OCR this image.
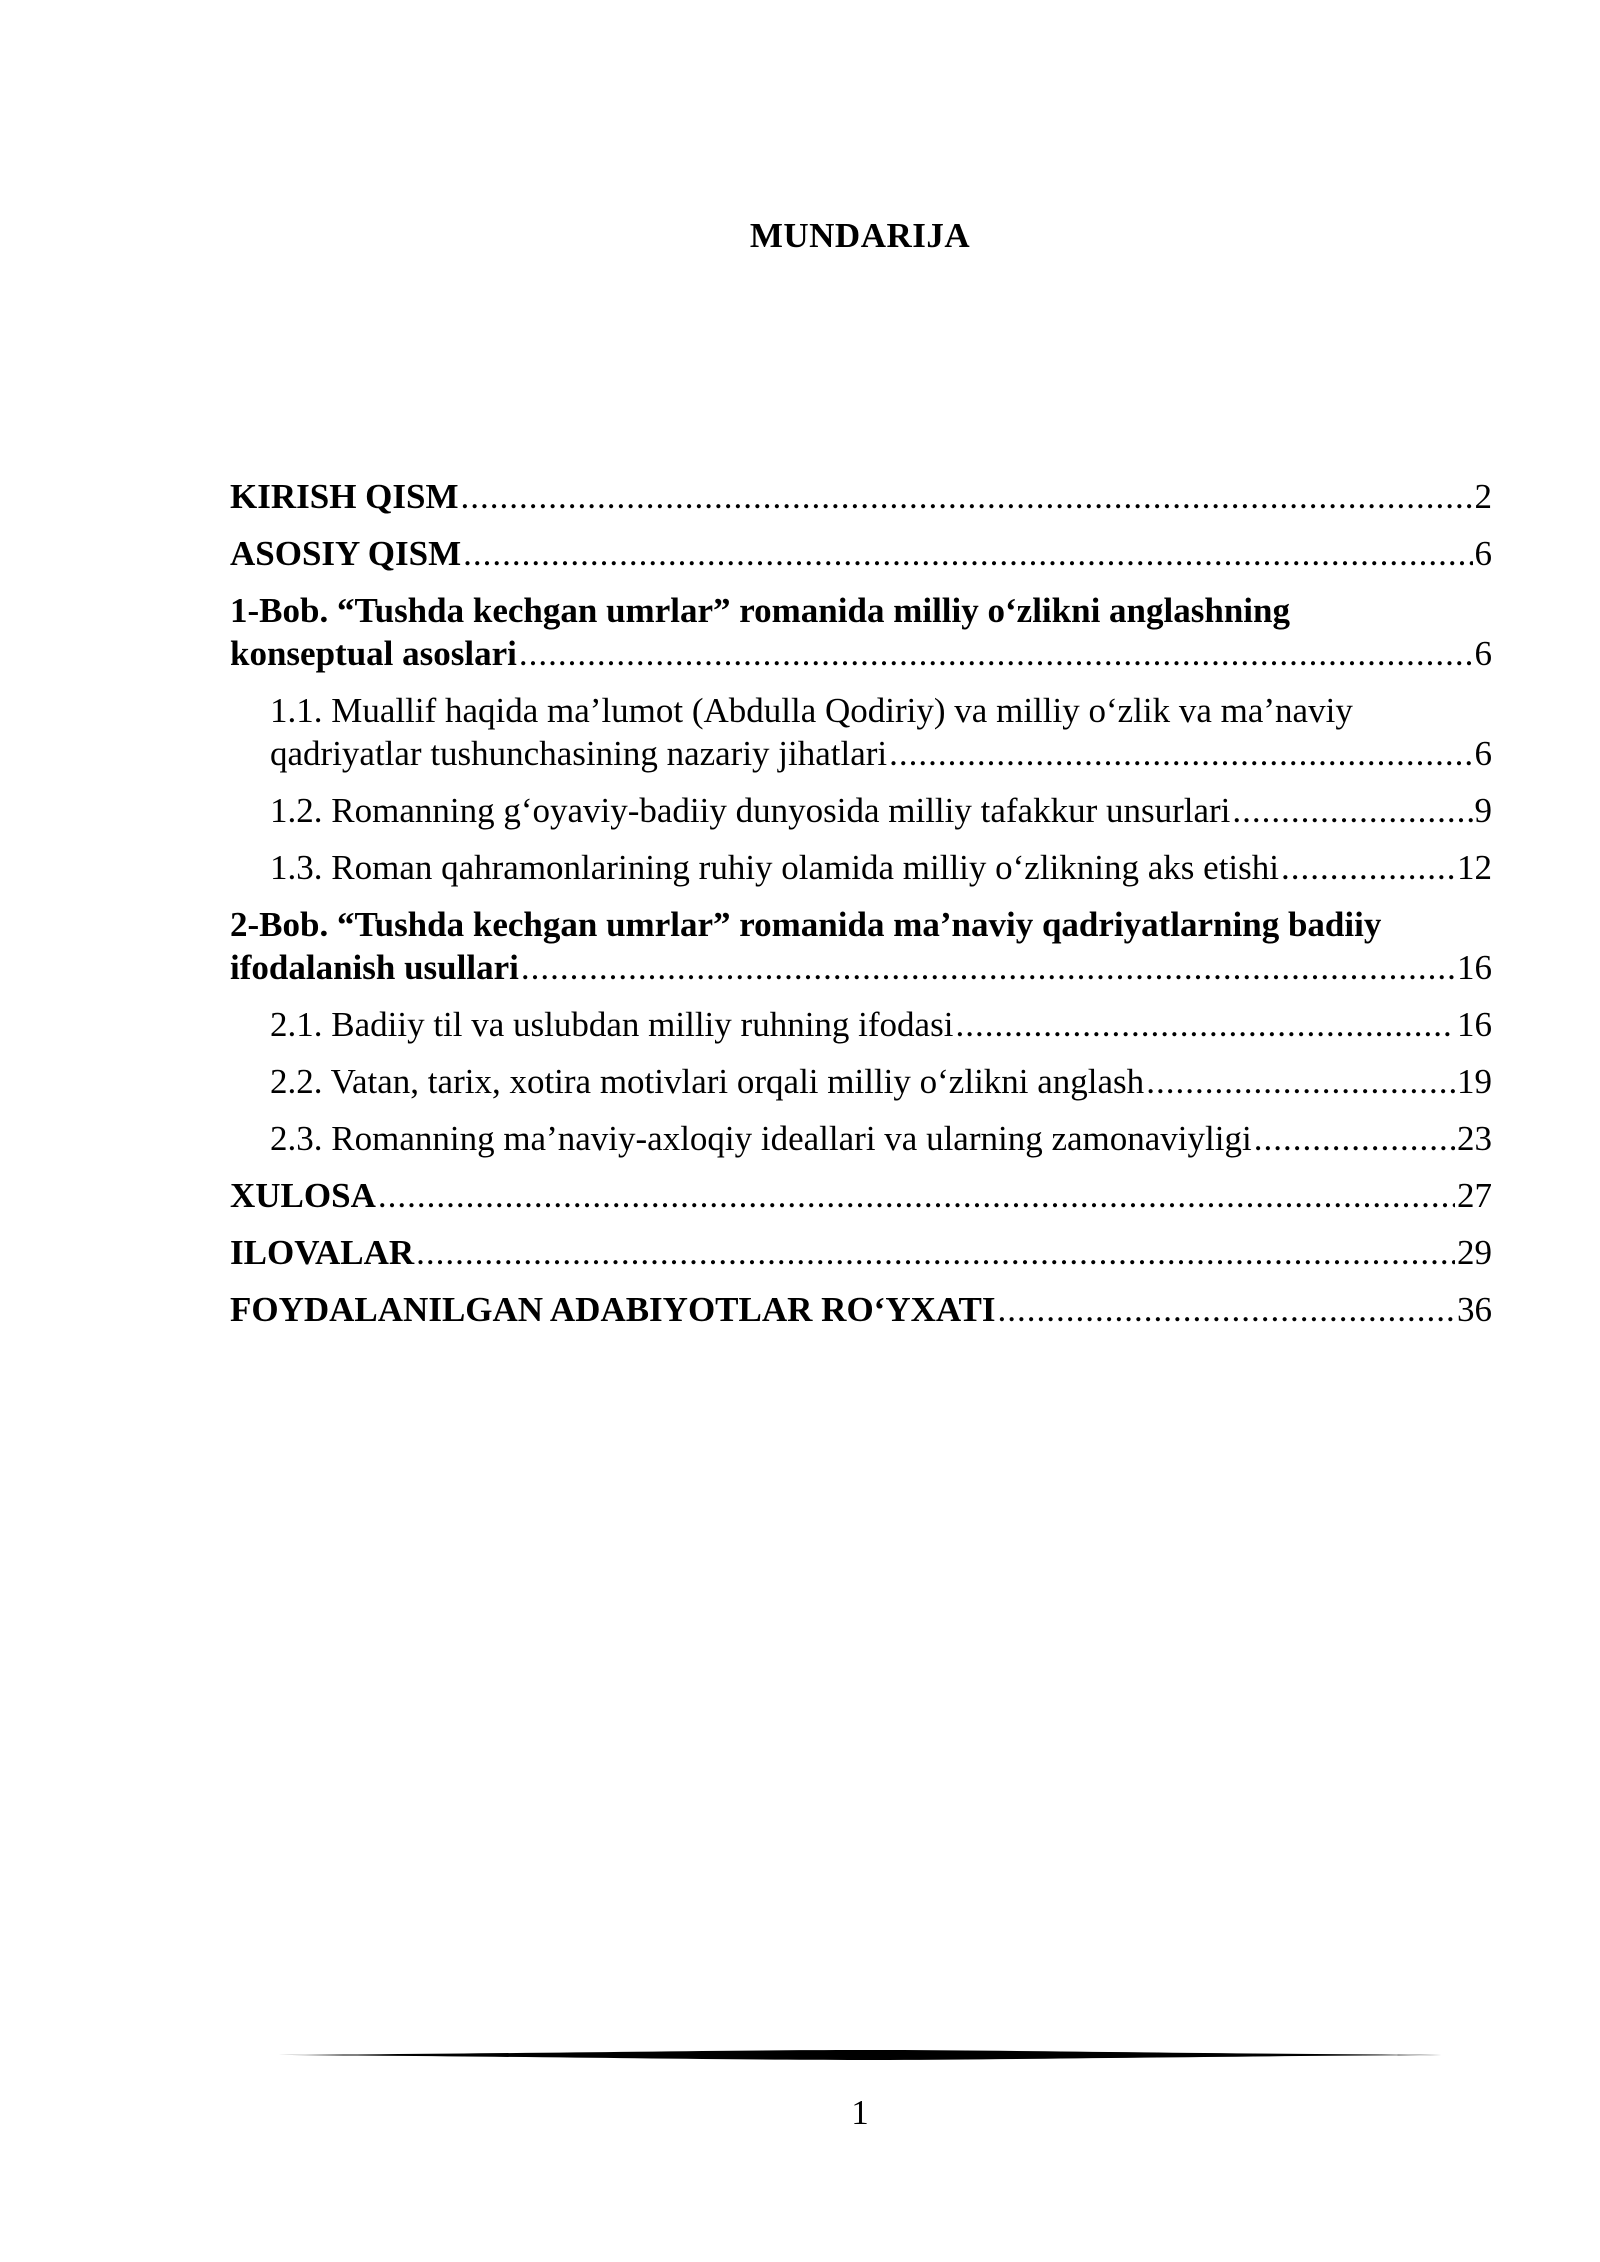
MUNDARIJA
KIRISH QISM .....	2
ASOSIY QISM .....	6
1-Bob. “Tushda kechgan umrlar” romanida milliy o‘zlikni anglashning
konseptual asoslari .....	6
1.1. Muallif haqida ma’lumot (Abdulla Qodiriy) va milliy o‘zlik va ma’naviy
qadriyatlar tushunchasining nazariy jihatlari .....	6
1.2. Romanning g‘oyaviy-badiiy dunyosida milliy tafakkur unsurlari .....	9
1.3. Roman qahramonlarining ruhiy olamida milliy o‘zlikning aks etishi .....	12
2-Bob. “Tushda kechgan umrlar” romanida ma’naviy qadriyatlarning badiiy
ifodalanish usullari .....	16
2.1. Badiiy til va uslubdan milliy ruhning ifodasi .....	16
2.2. Vatan, tarix, xotira motivlari orqali milliy o‘zlikni anglash .....	19
2.3. Romanning ma’naviy-axloqiy ideallari va ularning zamonaviyligi .....	23
XULOSA .....	27
ILOVALAR .....	29
FOYDALANILGAN ADABIYOTLAR RO‘YXATI .....	36
1
